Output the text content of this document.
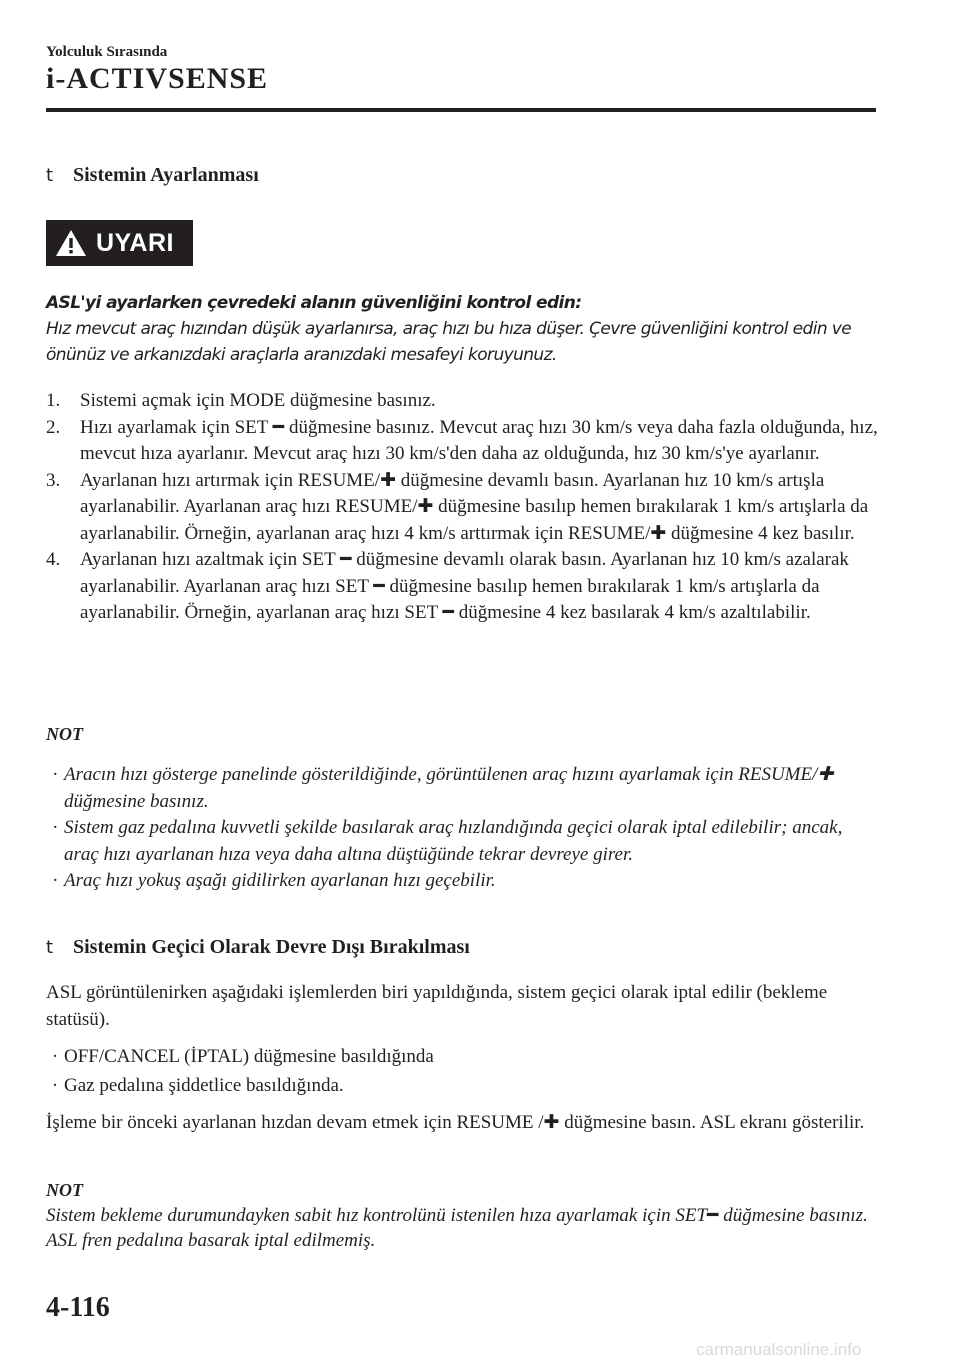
Yolculuk Sırasında
i-ACTIVSENSE
t Sistemin Ayarlanması
UYARI

ASL'yi ayarlarken çevredeki alanın güvenliğini kontrol edin:

Hız mevcut araç hızından düşük ayarlanırsa, araç hızı bu hıza düşer. Çevre güvenliğini kontrol edin ve önünüz ve arkanızdaki araçlarla aranızdaki mesafeyi koruyunuz.

1.	Sistemi açmak için MODE düğmesine basınız.
2.	Hızı ayarlamak için SET ━ düğmesine basınız. Mevcut araç hızı 30 km/s veya daha fazla olduğunda, hız, mevcut hıza ayarlanır. Mevcut araç hızı 30 km/s'den daha az olduğunda, hız 30 km/s'ye ayarlanır.
3.	Ayarlanan hızı artırmak için RESUME/✚ düğmesine devamlı basın. Ayarlanan hız 10 km/s artışla ayarlanabilir. Ayarlanan araç hızı RESUME/✚ düğmesine basılıp hemen bırakılarak 1 km/s artışlarla da ayarlanabilir. Örneğin, ayarlanan araç hızı 4 km/s arttırmak için RESUME/✚ düğmesine 4 kez basılır.
4.	Ayarlanan hızı azaltmak için SET ━ düğmesine devamlı olarak basın. Ayarlanan hız 10 km/s azalarak ayarlanabilir. Ayarlanan araç hızı SET ━ düğmesine basılıp hemen bırakılarak 1 km/s artışlarla da ayarlanabilir. Örneğin, ayarlanan araç hızı SET ━ düğmesine 4 kez basılarak 4 km/s azaltılabilir.
NOT
· Aracın hızı gösterge panelinde gösterildiğinde, görüntülenen araç hızını ayarlamak için RESUME/✚ düğmesine basınız.
· Sistem gaz pedalına kuvvetli şekilde basılarak araç hızlandığında geçici olarak iptal edilebilir; ancak, araç hızı ayarlanan hıza veya daha altına düştüğünde tekrar devreye girer.
· Araç hızı yokuş aşağı gidilirken ayarlanan hızı geçebilir.
t Sistemin Geçici Olarak Devre Dışı Bırakılması
ASL görüntülenirken aşağıdaki işlemlerden biri yapıldığında, sistem geçici olarak iptal edilir (bekleme statüsü).
· OFF/CANCEL (İPTAL) düğmesine basıldığında
· Gaz pedalına şiddetlice basıldığında.
İşleme bir önceki ayarlanan hızdan devam etmek için RESUME /✚ düğmesine basın. ASL ekranı gösterilir.
NOT
Sistem bekleme durumundayken sabit hız kontrolünü istenilen hıza ayarlamak için SET━ düğmesine basınız.
ASL fren pedalına basarak iptal edilmemiş.
4-116
carmanualsonline.info
